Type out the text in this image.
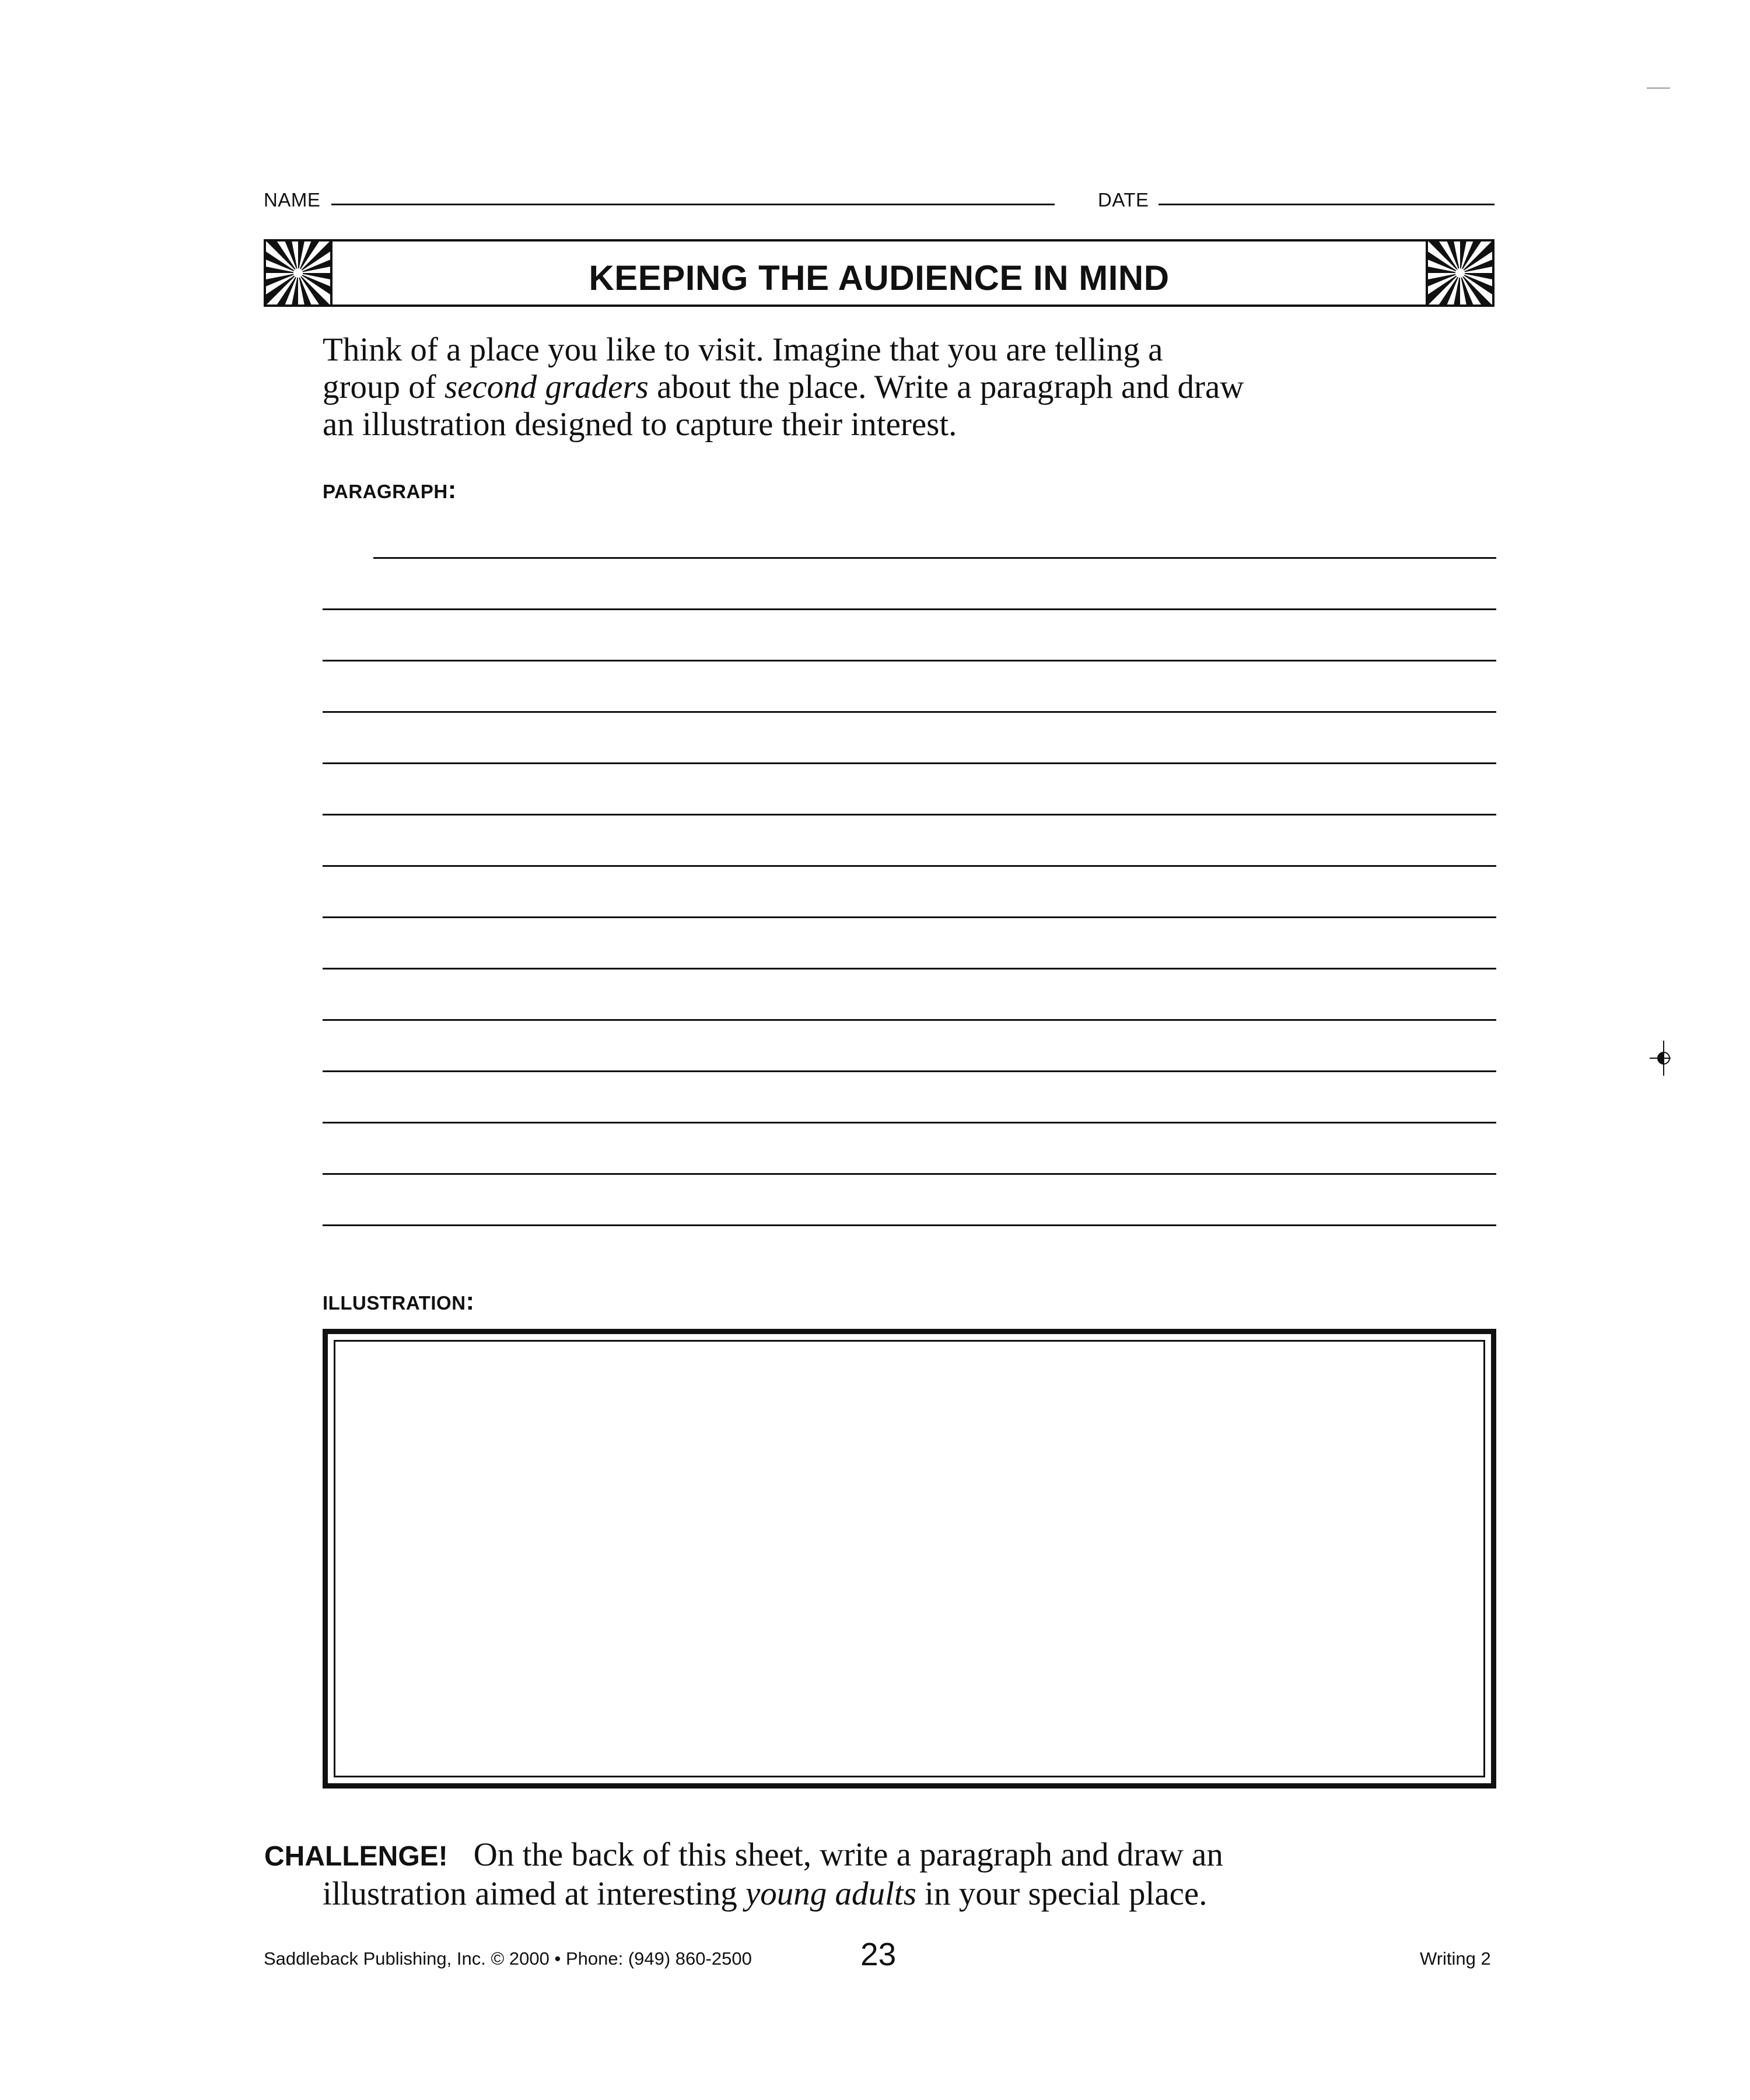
NAME	DATE
KEEPING THE AUDIENCE IN MIND
Think of a place you like to visit. Imagine that you are telling a
group of second graders about the place. Write a paragraph and draw
an illustration designed to capture their interest.
PARAGRAPH:
ILLUSTRATION:
CHALLENGE! On the back of this sheet, write a paragraph and draw an
illustration aimed at interesting young adults in your special place.
Saddleback Publishing, Inc. © 2000 • Phone: (949) 860-2500	23	Writing 2
